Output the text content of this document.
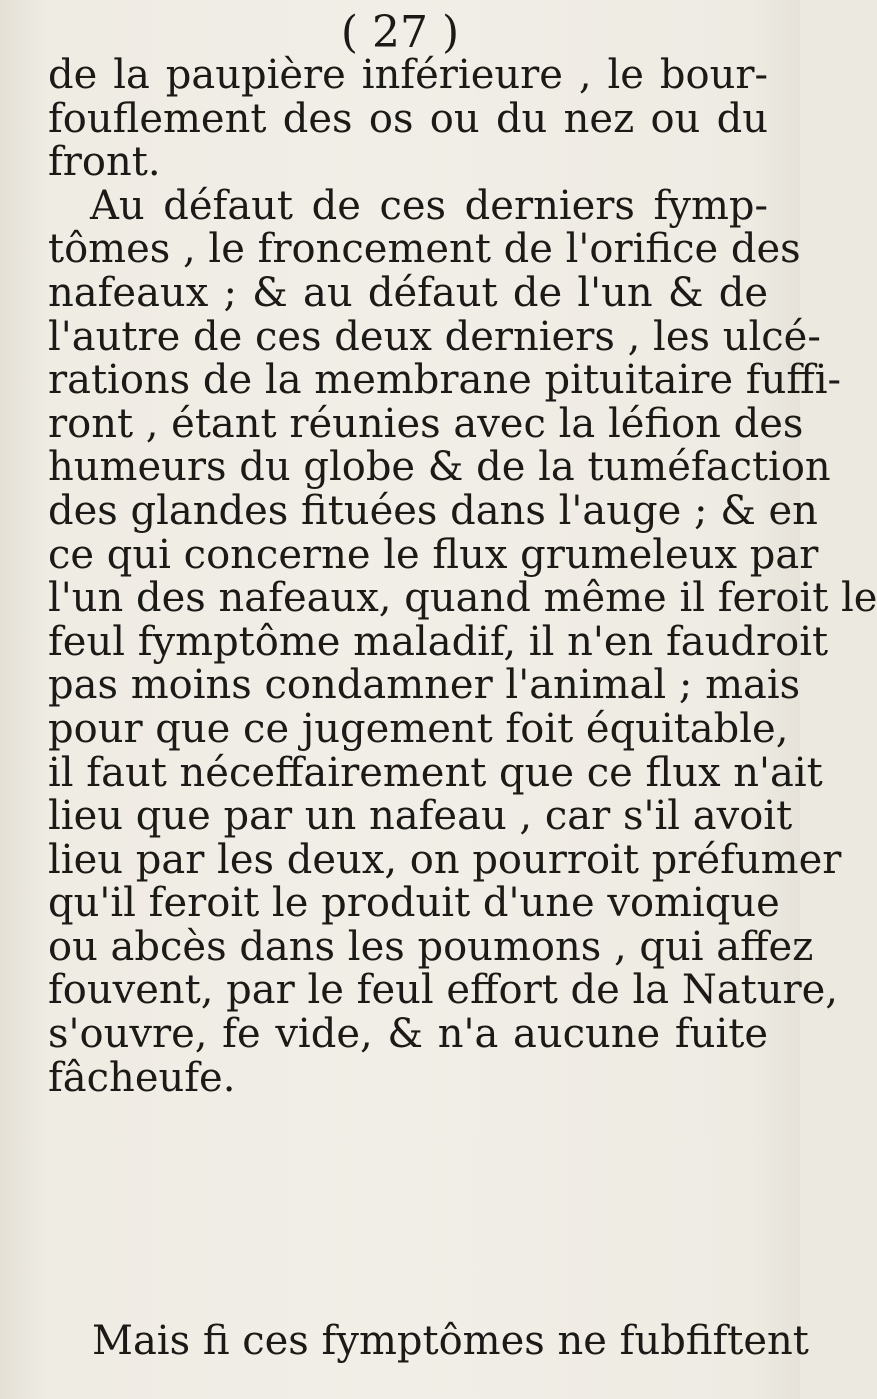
( 27 )
de la paupière inférieure , le bour-
fouflement des os ou du nez ou du
front.
Au défaut de ces derniers fymp-
tômes , le froncement de l'orifice des
nafeaux ; & au défaut de l'un & de
l'autre de ces deux derniers , les ulcé-
rations de la membrane pituitaire fuffi-
ront , étant réunies avec la léfion des
humeurs du globe & de la tuméfaction
des glandes fituées dans l'auge ; & en
ce qui concerne le flux grumeleux par
l'un des nafeaux, quand même il feroit le
feul fymptôme maladif, il n'en faudroit
pas moins condamner l'animal ; mais
pour que ce jugement foit équitable,
il faut néceffairement que ce flux n'ait
lieu que par un nafeau , car s'il avoit
lieu par les deux, on pourroit préfumer
qu'il feroit le produit d'une vomique
ou abcès dans les poumons , qui affez
fouvent, par le feul effort de la Nature,
s'ouvre, fe vide, & n'a aucune fuite
fâcheufe.
Mais fi ces fymptômes ne fubfiftent
